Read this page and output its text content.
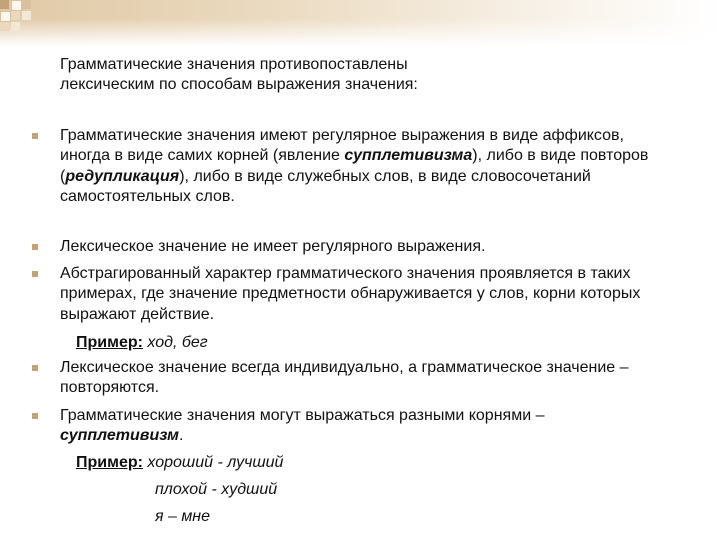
Грамматические значения противопоставлены
лексическим по способам выражения значения:
Грамматические значения имеют регулярное выражения в виде аффиксов, иногда в виде самих корней (явление супплетивизма), либо в виде повторов (редупликация), либо в виде служебных слов, в виде словосочетаний самостоятельных слов.
Лексическое значение не имеет регулярного выражения.
Абстрагированный характер грамматического значения проявляется в таких примерах, где значение предметности обнаруживается у слов, корни которых выражают действие.
Пример: ход, бег
Лексическое значение всегда индивидуально, а грамматическое значение – повторяются.
Грамматические значения могут выражаться разными корнями – супплетивизм.
Пример: хороший - лучший
плохой - худший
я – мне
